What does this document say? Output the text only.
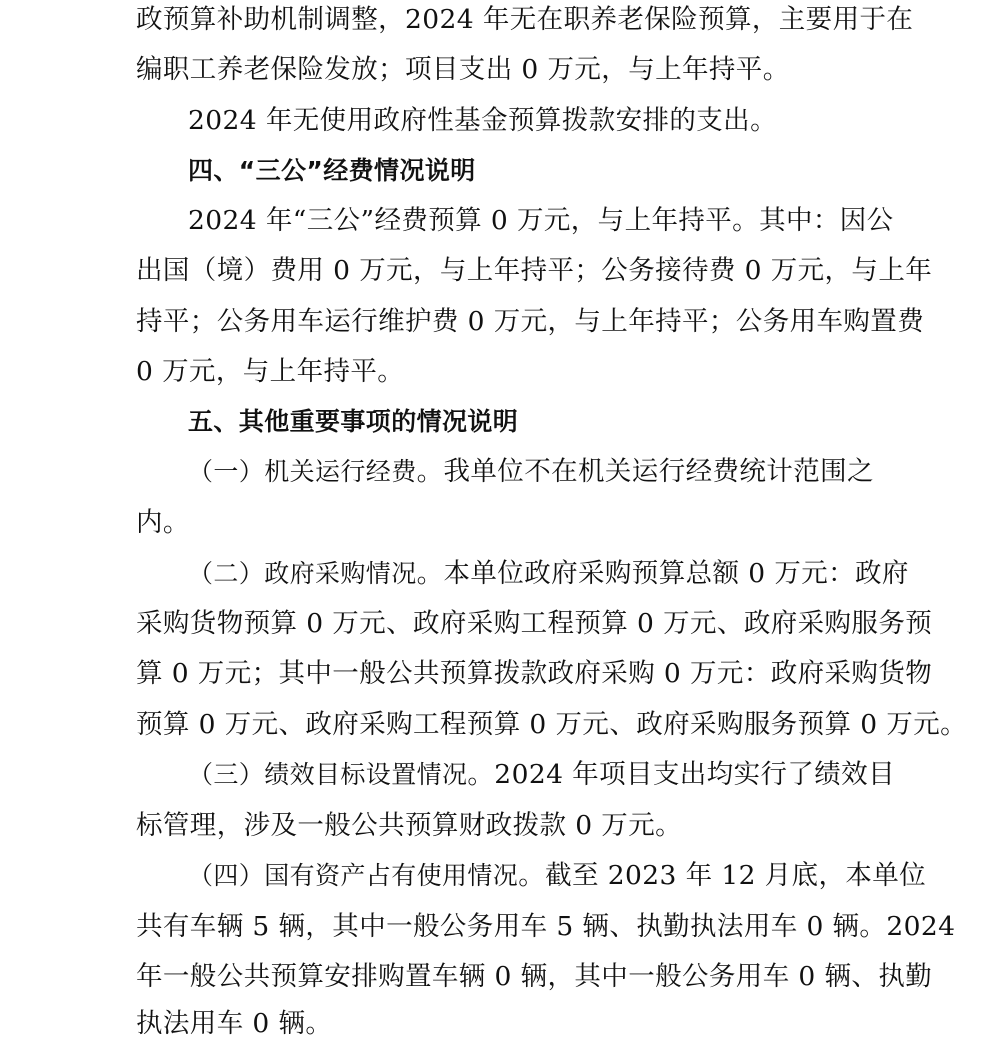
政预算补助机制调整，2024 年无在职养老保险预算，主要用于在
编职工养老保险发放；项目支出 0 万元，与上年持平。
2024 年无使用政府性基金预算拨款安排的支出。
四、“三公”经费情况说明
2024 年“三公”经费预算 0 万元，与上年持平。其中：因公
出国（境）费用 0 万元，与上年持平；公务接待费 0 万元，与上年
持平；公务用车运行维护费 0 万元，与上年持平；公务用车购置费
0 万元，与上年持平。
五、其他重要事项的情况说明
（一）机关运行经费。我单位不在机关运行经费统计范围之
内。
（二）政府采购情况。本单位政府采购预算总额 0 万元：政府
采购货物预算 0 万元、政府采购工程预算 0 万元、政府采购服务预
算 0 万元；其中一般公共预算拨款政府采购 0 万元：政府采购货物
预算 0 万元、政府采购工程预算 0 万元、政府采购服务预算 0 万元。
（三）绩效目标设置情况。2024 年项目支出均实行了绩效目
标管理，涉及一般公共预算财政拨款 0 万元。
（四）国有资产占有使用情况。截至 2023 年 12 月底，本单位
共有车辆 5 辆，其中一般公务用车 5 辆、执勤执法用车 0 辆。2024
年一般公共预算安排购置车辆 0 辆，其中一般公务用车 0 辆、执勤
执法用车 0 辆。
